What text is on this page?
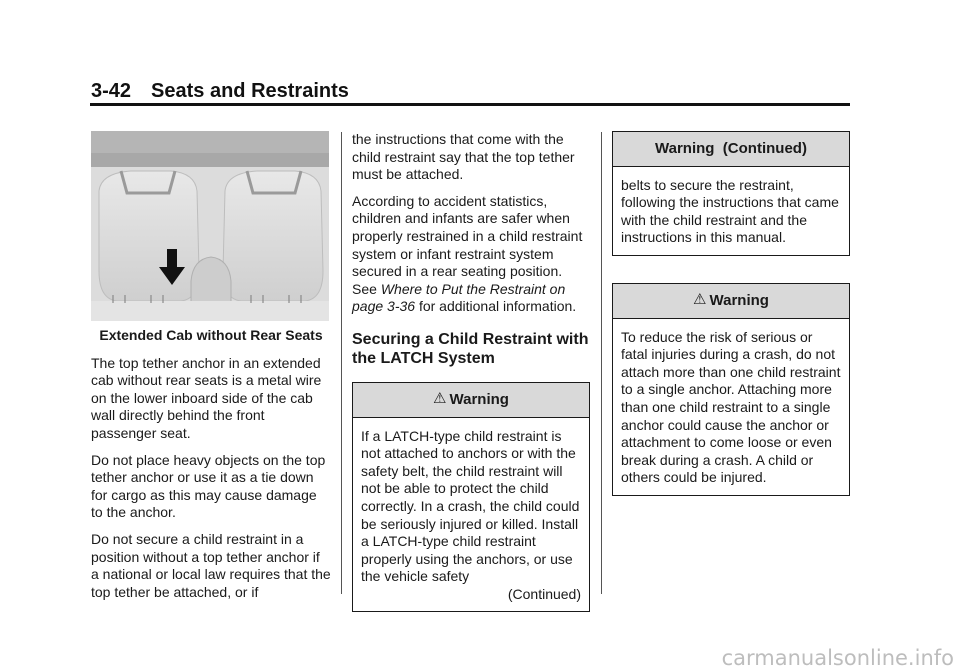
3-42 Seats and Restraints
Extended Cab without Rear Seats

The top tether anchor in an extended cab without rear seats is a metal wire on the lower inboard side of the cab wall directly behind the front passenger seat.

Do not place heavy objects on the top tether anchor or use it as a tie down for cargo as this may cause damage to the anchor.

Do not secure a child restraint in a position without a top tether anchor if a national or local law requires that the top tether be attached, or if

the instructions that come with the child restraint say that the top tether must be attached.

According to accident statistics, children and infants are safer when properly restrained in a child restraint system or infant restraint system secured in a rear seating position. See Where to Put the Restraint on page 3-36 for additional information.

Securing a Child Restraint with the LATCH System
⚠ Warning
If a LATCH-type child restraint is not attached to anchors or with the safety belt, the child restraint will not be able to protect the child correctly. In a crash, the child could be seriously injured or killed. Install a LATCH-type child restraint properly using the anchors, or use the vehicle safety
(Continued)
Warning  (Continued)
belts to secure the restraint, following the instructions that came with the child restraint and the instructions in this manual.
⚠ Warning
To reduce the risk of serious or fatal injuries during a crash, do not attach more than one child restraint to a single anchor. Attaching more than one child restraint to a single anchor could cause the anchor or attachment to come loose or even break during a crash. A child or others could be injured.
carmanualsonline.info
